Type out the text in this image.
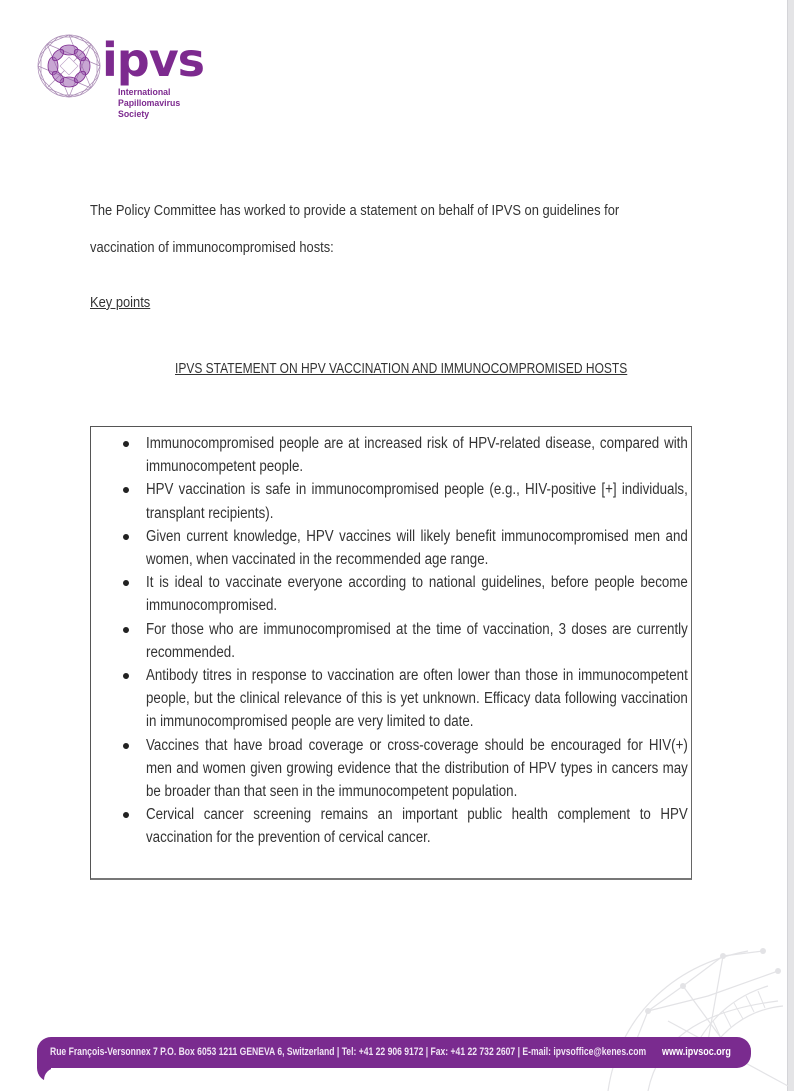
ipvs
International
Papillomavirus
Society
The Policy Committee has worked to provide a statement on behalf of IPVS on guidelines for
vaccination of immunocompromised hosts:
Key points
IPVS STATEMENT ON HPV VACCINATION AND IMMUNOCOMPROMISED HOSTS
Immunocompromised people are at increased risk of HPV-related disease, compared with immunocompetent people.
HPV vaccination is safe in immunocompromised people (e.g., HIV-positive [+] individuals, transplant recipients).
Given current knowledge, HPV vaccines will likely benefit immunocompromised men and women, when vaccinated in the recommended age range.
It is ideal to vaccinate everyone according to national guidelines, before people become immunocompromised.
For those who are immunocompromised at the time of vaccination, 3 doses are currently recommended.
Antibody titres in response to vaccination are often lower than those in immunocompetent people, but the clinical relevance of this is yet unknown. Efficacy data following vaccination in immunocompromised people are very limited to date.
Vaccines that have broad coverage or cross-coverage should be encouraged for HIV(+) men and women given growing evidence that the distribution of HPV types in cancers may be broader than that seen in the immunocompetent population.
Cervical cancer screening remains an important public health complement to HPV vaccination for the prevention of cervical cancer.
Rue François-Versonnex 7 P.O. Box 6053 1211 GENEVA 6, Switzerland | Tel: +41 22 906 9172 | Fax: +41 22 732 2607 | E-mail: ipvsoffice@kenes.com www.ipvsoc.org
